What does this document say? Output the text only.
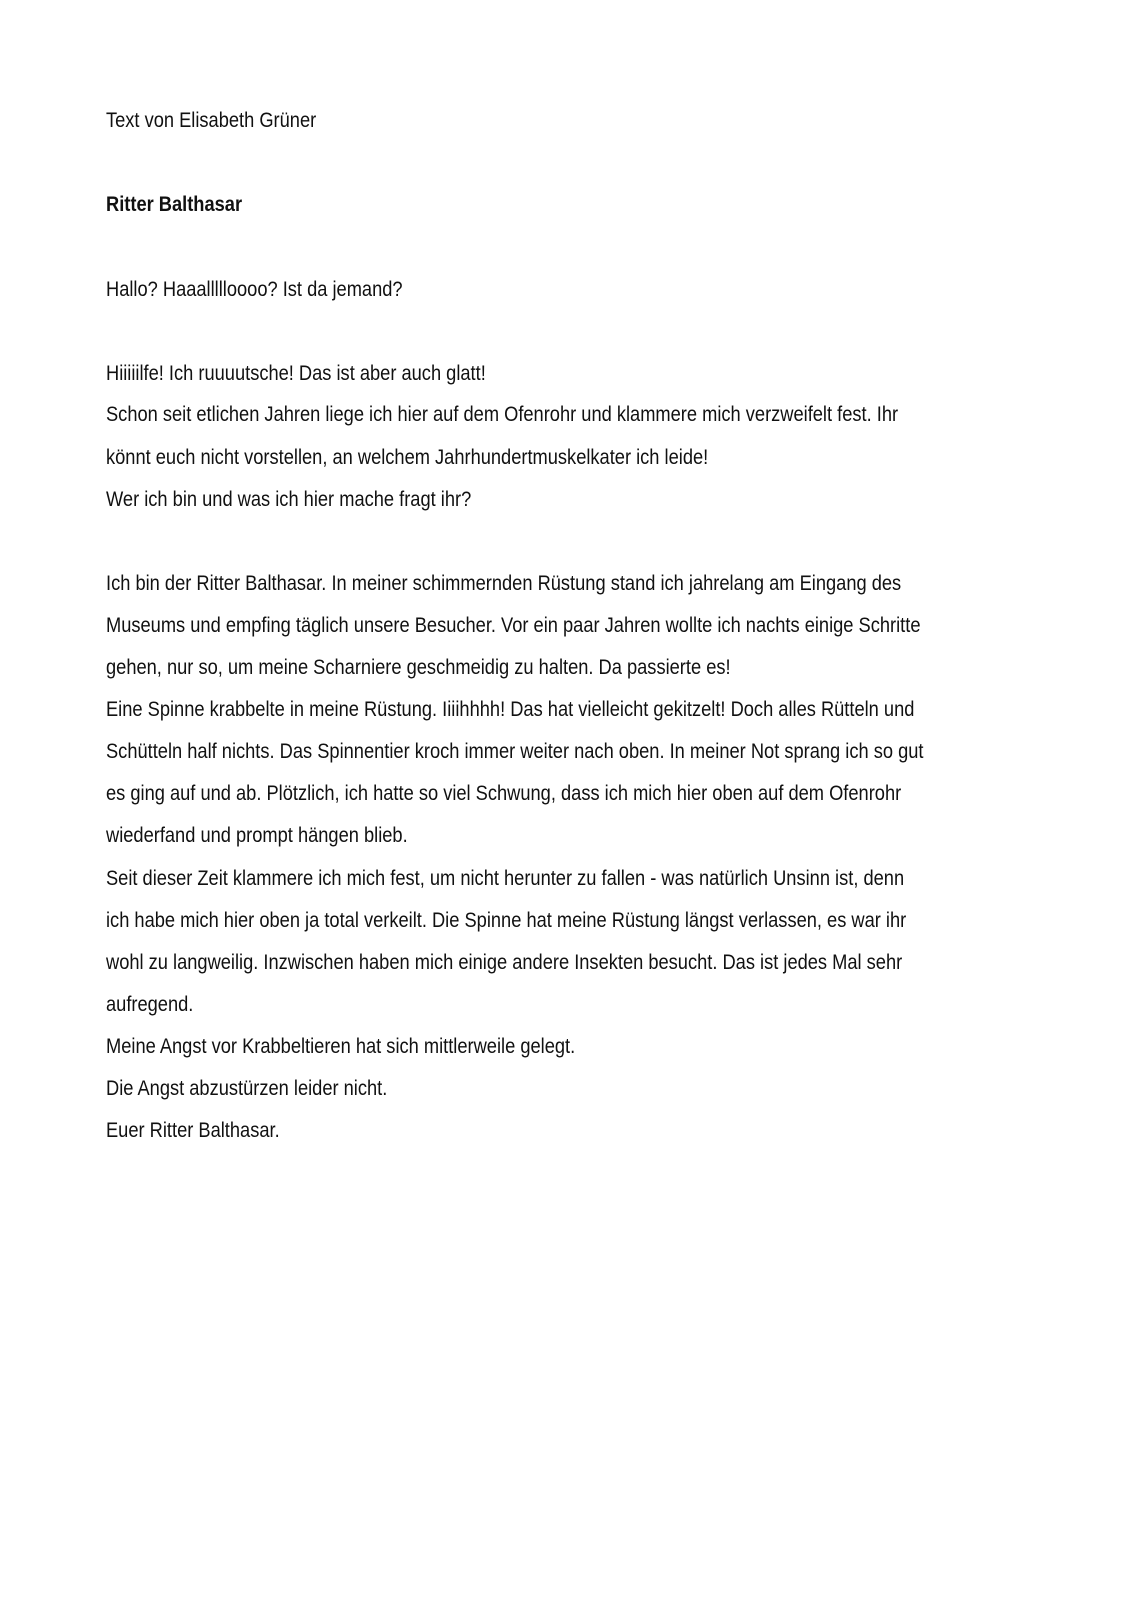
Text von Elisabeth Grüner
Ritter Balthasar
Hallo? Haaallllloooo? Ist da jemand?
Hiiiiilfe! Ich ruuuutsche! Das ist aber auch glatt!
Schon seit etlichen Jahren liege ich hier auf dem Ofenrohr und klammere mich verzweifelt fest. Ihr
könnt euch nicht vorstellen, an welchem Jahrhundertmuskelkater ich leide!
Wer ich bin und was ich hier mache fragt ihr?
Ich bin der Ritter Balthasar. In meiner schimmernden Rüstung stand ich jahrelang am Eingang des
Museums und empfing täglich unsere Besucher. Vor ein paar Jahren wollte ich nachts einige Schritte
gehen, nur so, um meine Scharniere geschmeidig zu halten. Da passierte es!
Eine Spinne krabbelte in meine Rüstung. Iiiihhhh! Das hat vielleicht gekitzelt! Doch alles Rütteln und
Schütteln half nichts. Das Spinnentier kroch immer weiter nach oben. In meiner Not sprang ich so gut
es ging auf und ab. Plötzlich, ich hatte so viel Schwung, dass ich mich hier oben auf dem Ofenrohr
wiederfand und prompt hängen blieb.
Seit dieser Zeit klammere ich mich fest, um nicht herunter zu fallen - was natürlich Unsinn ist, denn
ich habe mich hier oben ja total verkeilt. Die Spinne hat meine Rüstung längst verlassen, es war ihr
wohl zu langweilig. Inzwischen haben mich einige andere Insekten besucht. Das ist jedes Mal sehr
aufregend.
Meine Angst vor Krabbeltieren hat sich mittlerweile gelegt.
Die Angst abzustürzen leider nicht.
Euer Ritter Balthasar.
